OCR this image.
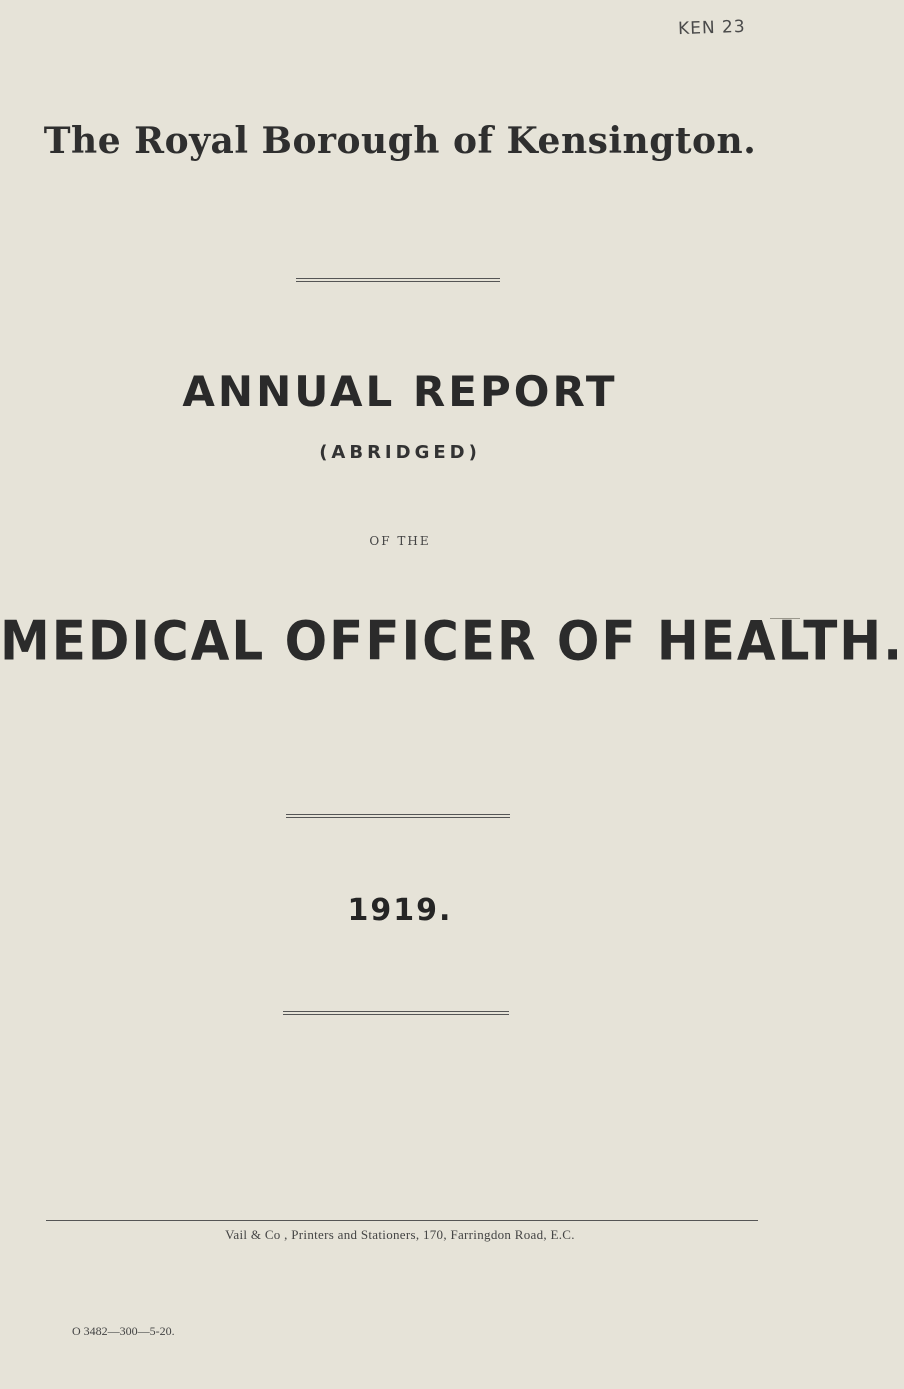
KEN 23
The Royal Borough of Kensington.
ANNUAL REPORT
(ABRIDGED)
OF THE
MEDICAL OFFICER OF HEALTH.
1919.
Vail & Co , Printers and Stationers, 170, Farringdon Road, E.C.
O 3482—300—5-20.
